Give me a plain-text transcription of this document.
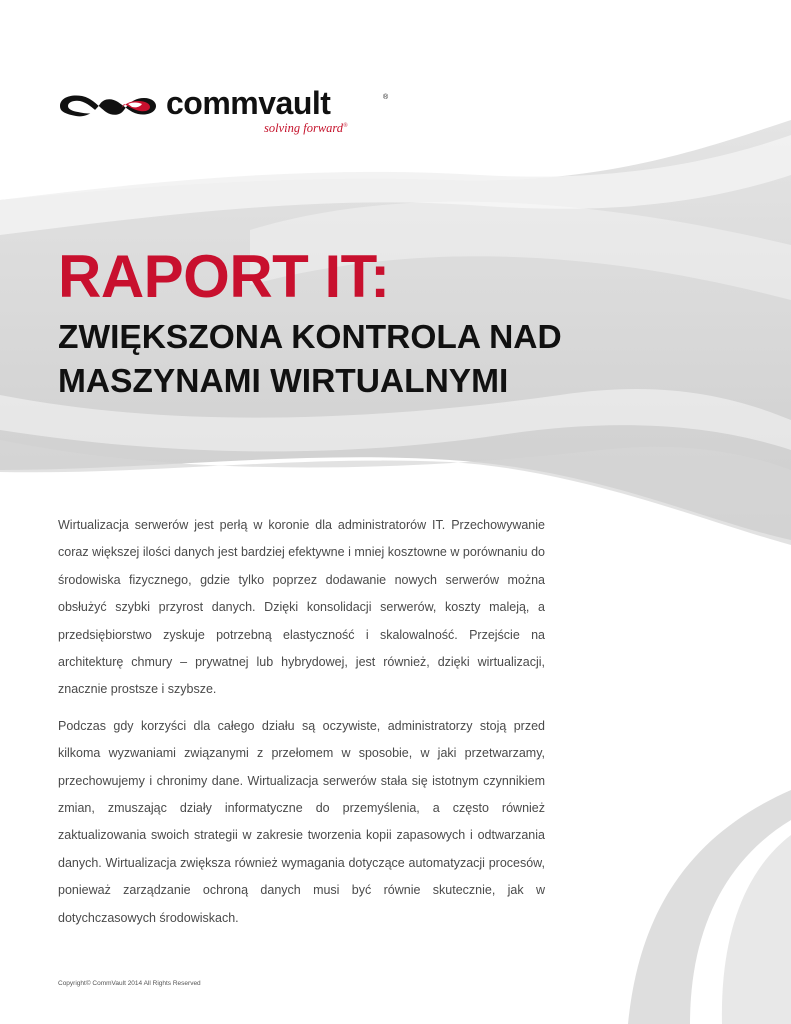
commvault	®
solving forward®
RAPORT IT:
ZWIĘKSZONA KONTROLA NAD
MASZYNAMI WIRTUALNYMI

Wirtualizacja serwerów jest perłą w koronie dla administratorów IT. Przechowywanie coraz większej ilości danych jest bardziej efektywne i mniej kosztowne w porównaniu do środowiska fizycznego, gdzie tylko poprzez dodawanie nowych serwerów można obsłużyć szybki przyrost danych. Dzięki konsolidacji serwerów, koszty maleją, a przedsiębiorstwo zyskuje potrzebną elastyczność i skalowalność. Przejście na architekturę chmury – prywatnej lub hybrydowej, jest również, dzięki wirtualizacji, znacznie prostsze i szybsze.

Podczas gdy korzyści dla całego działu są oczywiste, administratorzy stoją przed kilkoma wyzwaniami związanymi z przełomem w sposobie, w jaki przetwarzamy, przechowujemy i chronimy dane. Wirtualizacja serwerów stała się istotnym czynnikiem zmian, zmuszając działy informatyczne do przemyślenia, a często również zaktualizowania swoich strategii w zakresie tworzenia kopii zapasowych i odtwarzania danych. Wirtualizacja zwiększa również wymagania dotyczące automatyzacji procesów, ponieważ zarządzanie ochroną danych musi być równie skutecznie, jak w dotychczasowych środowiskach.

Copyright© CommVault 2014 All Rights Reserved
